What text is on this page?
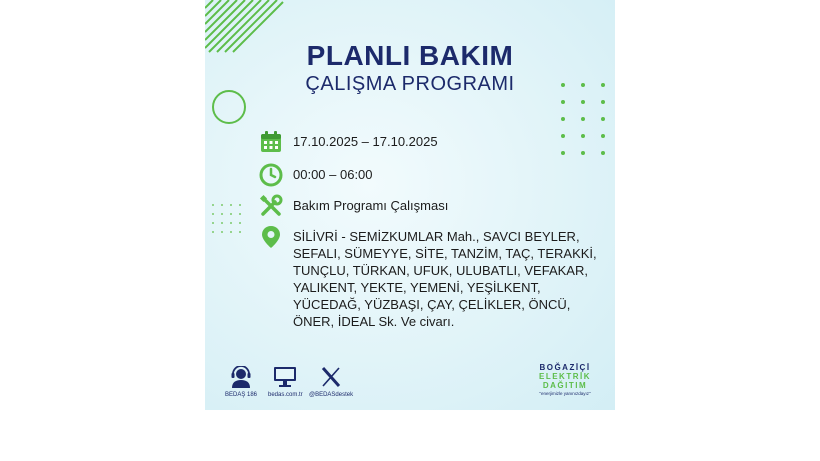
PLANLI BAKIM
ÇALIŞMA PROGRAMI
17.10.2025 – 17.10.2025
00:00 – 06:00
Bakım Programı Çalışması
SİLİVRİ - SEMİZKUMLAR Mah., SAVCI BEYLER, SEFALI, SÜMEYYE, SİTE, TANZİM, TAÇ, TERAKKİ, TUNÇLU, TÜRKAN, UFUK, ULUBATLI, VEFAKAR, YALIKENT, YEKTE, YEMENİ, YEŞİLKENT, YÜCEDAĞ, YÜZBAŞI, ÇAY, ÇELİKLER, ÖNCÜ, ÖNER, İDEAL Sk. Ve civarı.
BEDAŞ 186 bedas.com.tr @BEDASdestek
BOĞAZİÇİ
ELEKTRİK
DAĞITIM
"enerjimizle yanınızdayız"
